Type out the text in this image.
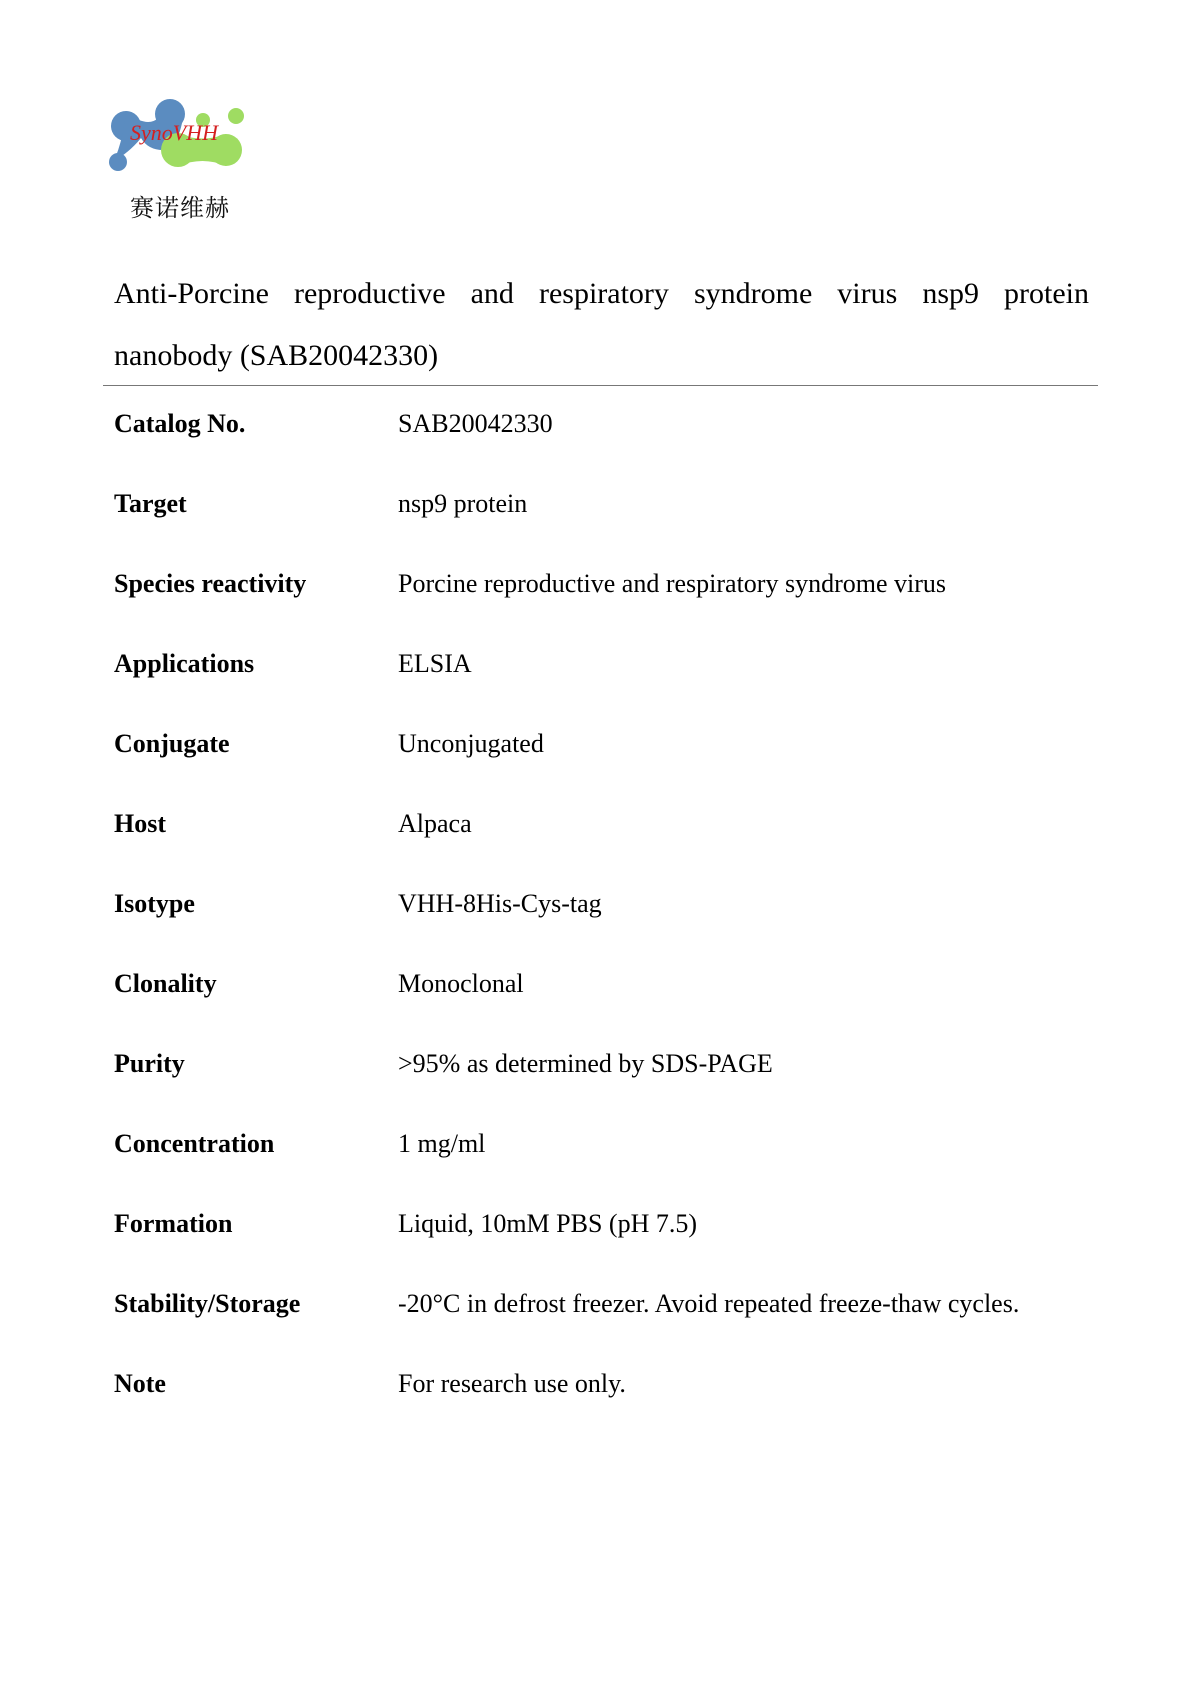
SynoVHH
赛诺维赫
Anti-Porcine reproductive and respiratory syndrome virus nsp9 protein nanobody (SAB20042330)
Catalog No.	SAB20042330
Target	nsp9 protein
Species reactivity	Porcine reproductive and respiratory syndrome virus
Applications	ELSIA
Conjugate	Unconjugated
Host	Alpaca
Isotype	VHH-8His-Cys-tag
Clonality	Monoclonal
Purity	>95% as determined by SDS-PAGE
Concentration	1 mg/ml
Formation	Liquid, 10mM PBS (pH 7.5)
Stability/Storage	-20°C in defrost freezer. Avoid repeated freeze-thaw cycles.
Note	For research use only.
